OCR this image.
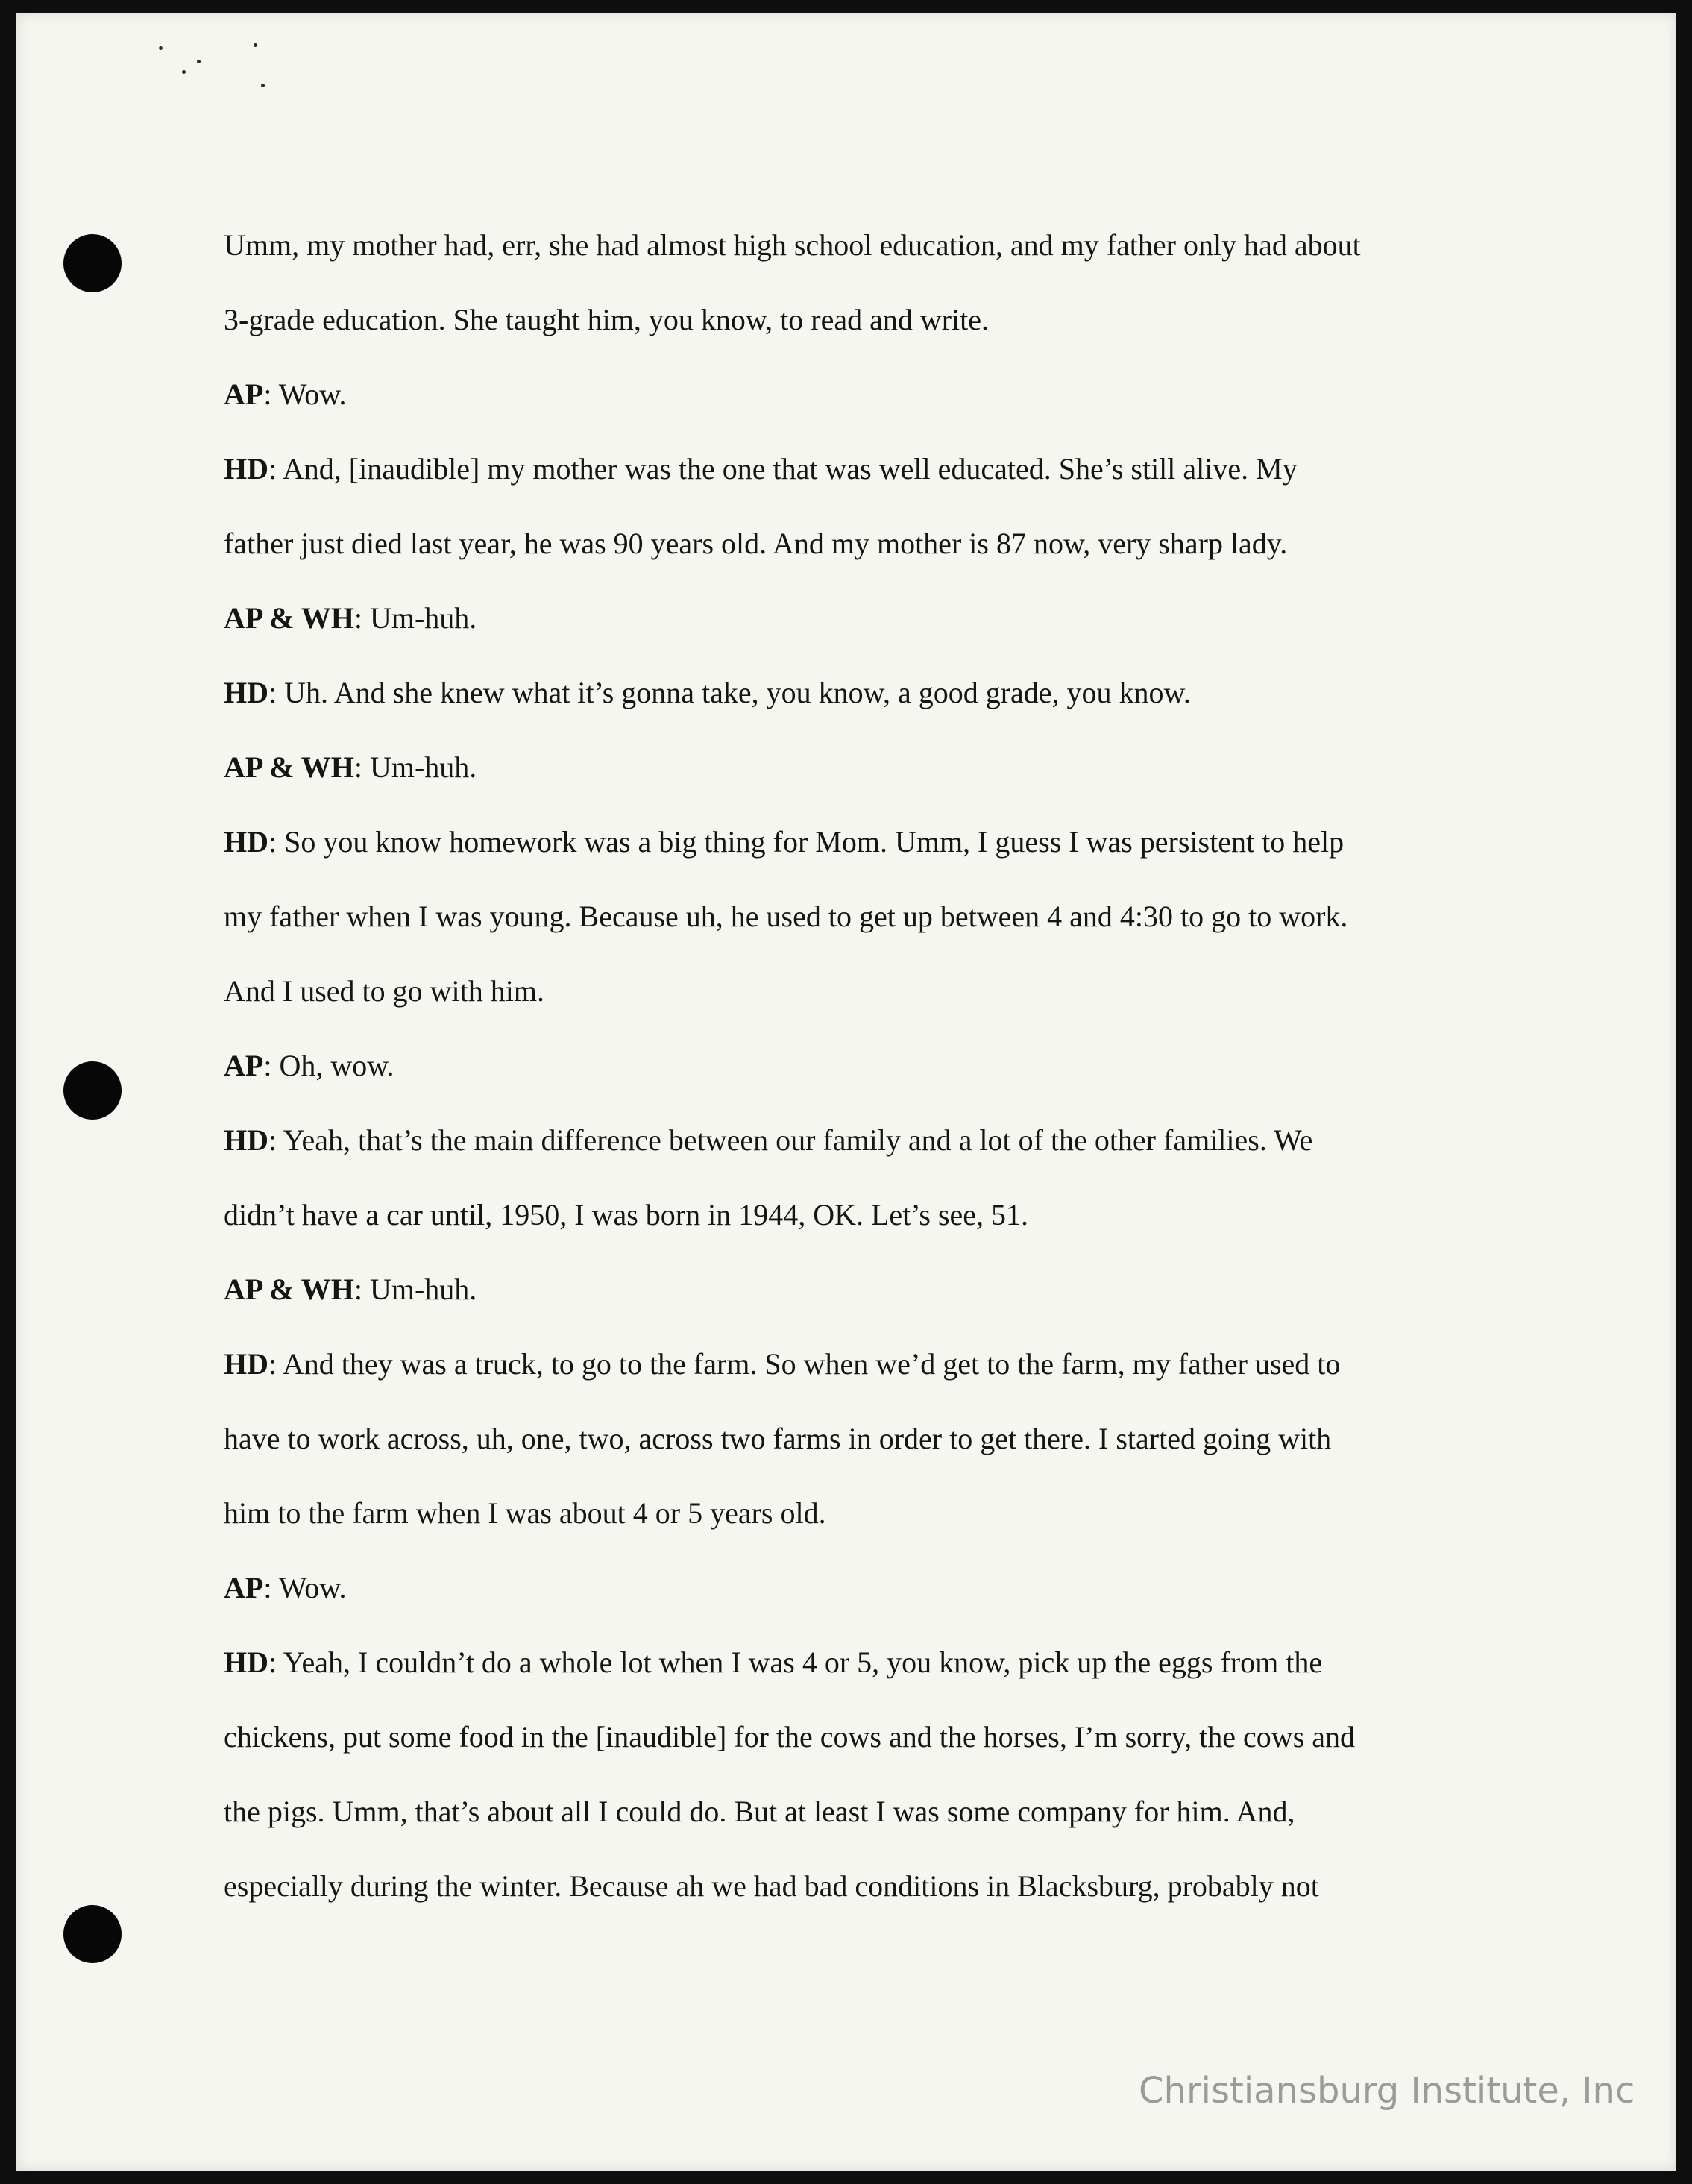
Umm, my mother had, err, she had almost high school education, and my father only had about
3-grade education. She taught him, you know, to read and write.
AP: Wow.
HD: And, [inaudible] my mother was the one that was well educated. She’s still alive. My
father just died last year, he was 90 years old. And my mother is 87 now, very sharp lady.
AP & WH: Um-huh.
HD: Uh. And she knew what it’s gonna take, you know, a good grade, you know.
AP & WH: Um-huh.
HD: So you know homework was a big thing for Mom. Umm, I guess I was persistent to help
my father when I was young. Because uh, he used to get up between 4 and 4:30 to go to work.
And I used to go with him.
AP: Oh, wow.
HD: Yeah, that’s the main difference between our family and a lot of the other families. We
didn’t have a car until, 1950, I was born in 1944, OK. Let’s see, 51.
AP & WH: Um-huh.
HD: And they was a truck, to go to the farm. So when we’d get to the farm, my father used to
have to work across, uh, one, two, across two farms in order to get there. I started going with
him to the farm when I was about 4 or 5 years old.
AP: Wow.
HD: Yeah, I couldn’t do a whole lot when I was 4 or 5, you know, pick up the eggs from the
chickens, put some food in the [inaudible] for the cows and the horses, I’m sorry, the cows and
the pigs. Umm, that’s about all I could do. But at least I was some company for him. And,
especially during the winter. Because ah we had bad conditions in Blacksburg, probably not
Christiansburg Institute, Inc
